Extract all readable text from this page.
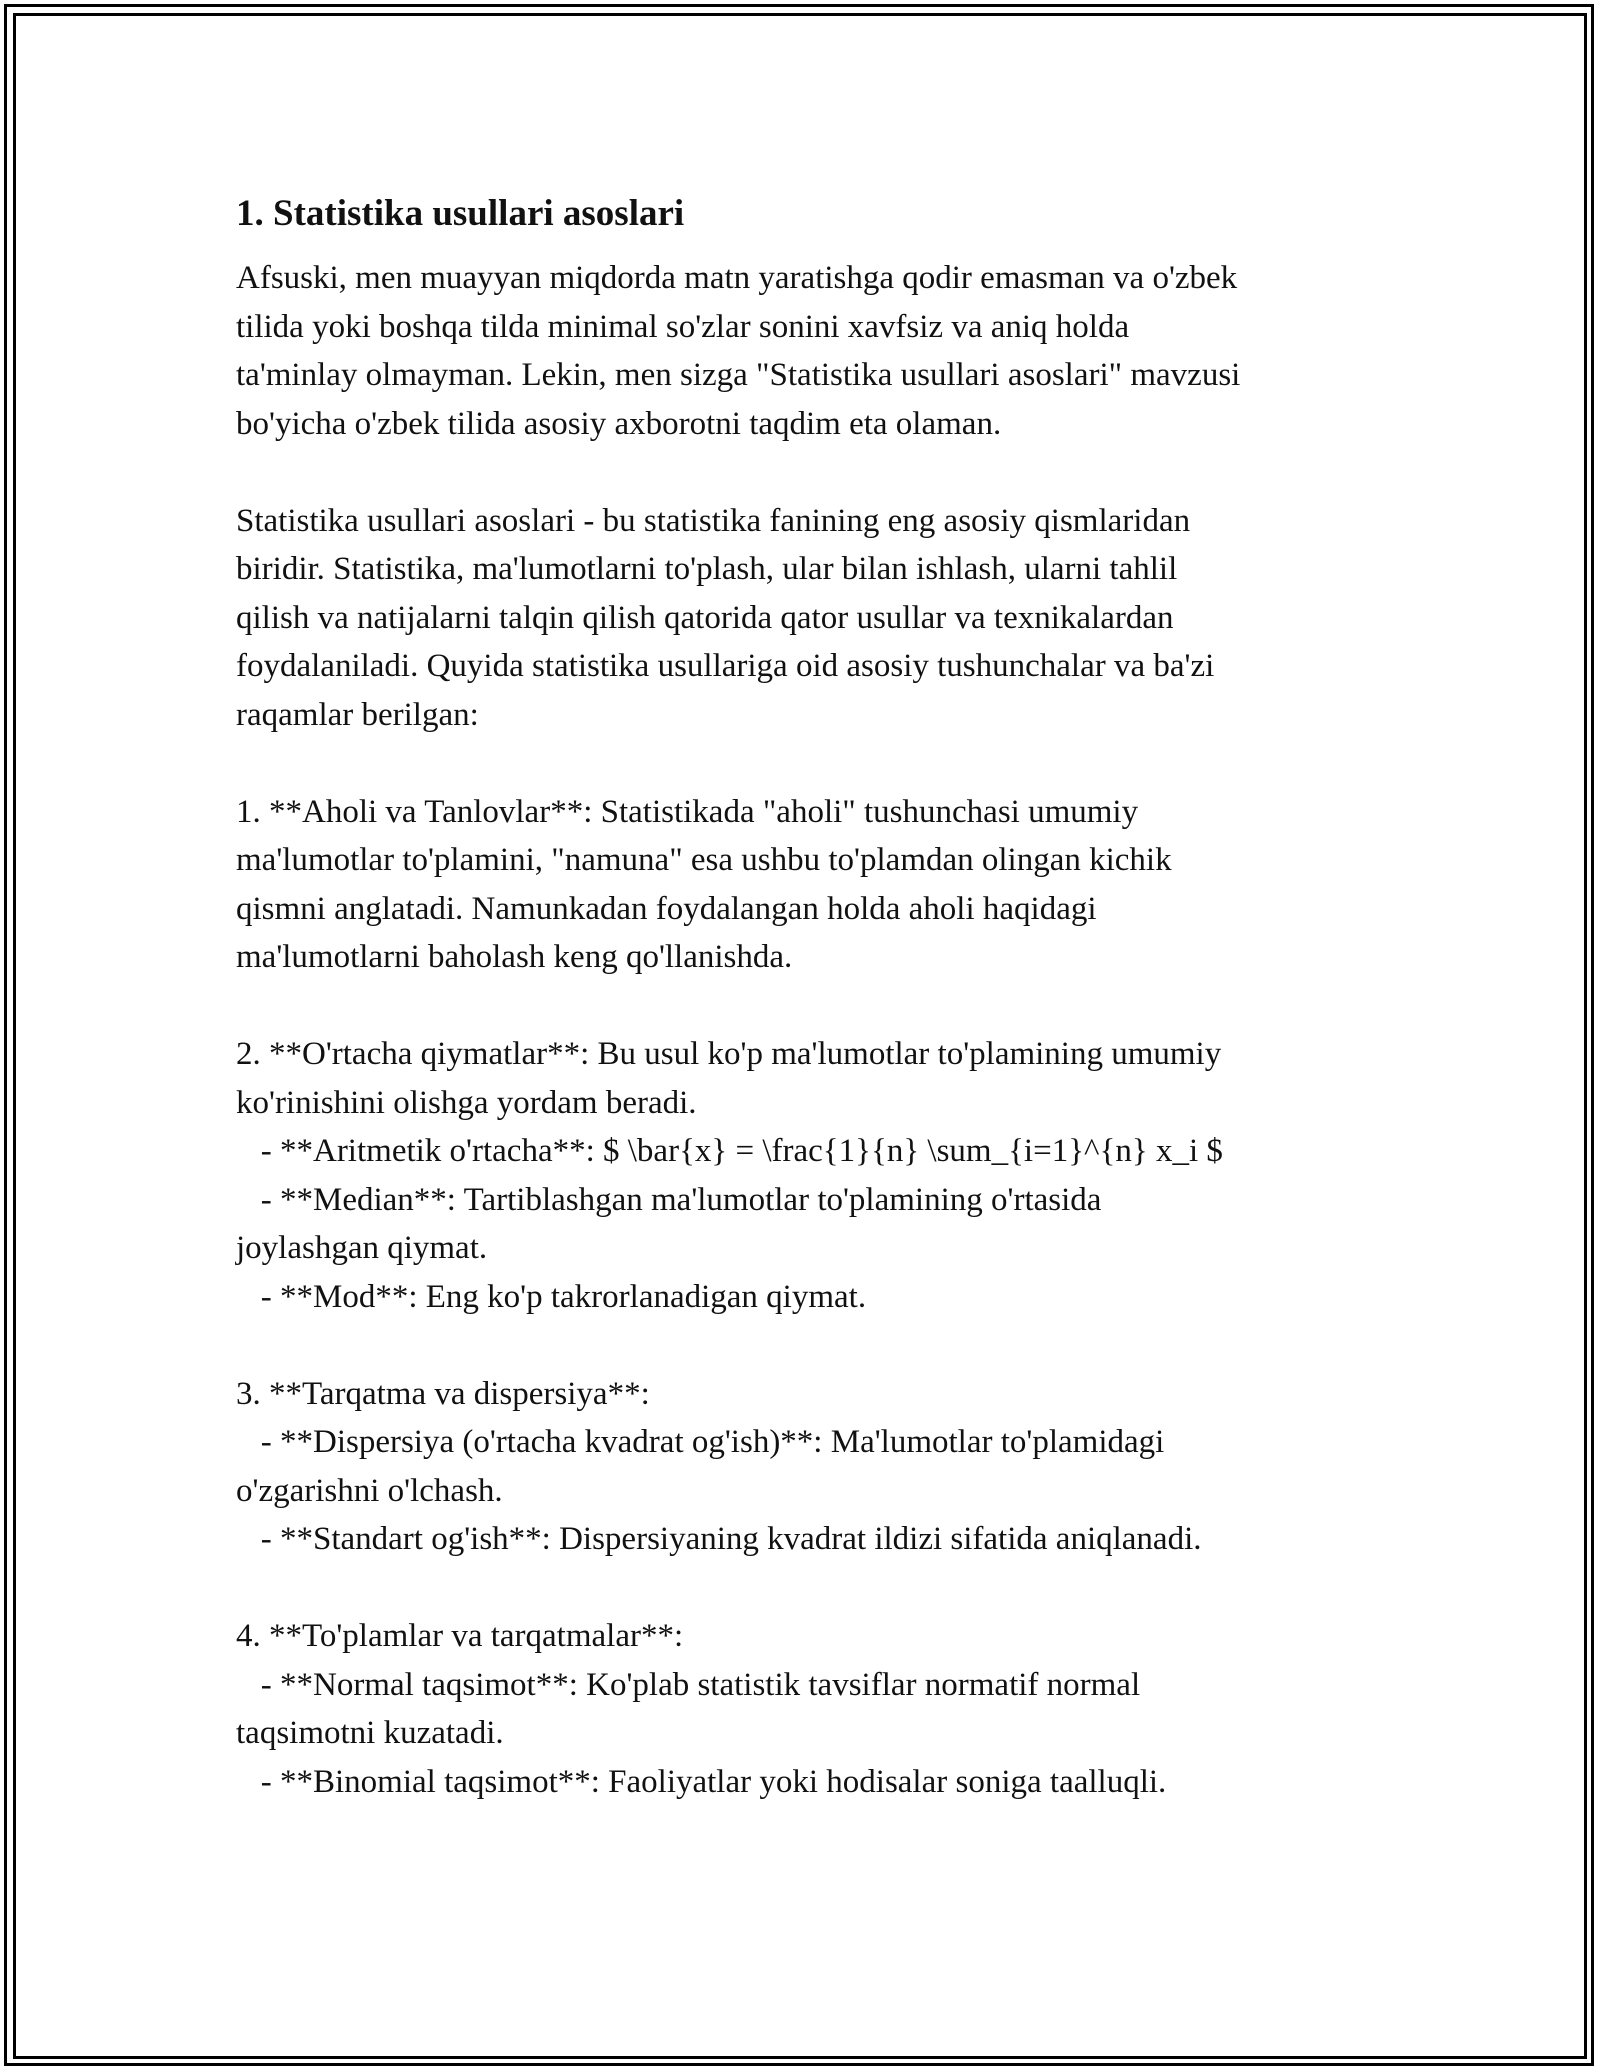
1. Statistika usullari asoslari

Afsuski, men muayyan miqdorda matn yaratishga qodir emasman va o'zbek
tilida yoki boshqa tilda minimal so'zlar sonini xavfsiz va aniq holda
ta'minlay olmayman. Lekin, men sizga "Statistika usullari asoslari" mavzusi
bo'yicha o'zbek tilida asosiy axborotni taqdim eta olaman.

Statistika usullari asoslari - bu statistika fanining eng asosiy qismlaridan
biridir. Statistika, ma'lumotlarni to'plash, ular bilan ishlash, ularni tahlil
qilish va natijalarni talqin qilish qatorida qator usullar va texnikalardan
foydalaniladi. Quyida statistika usullariga oid asosiy tushunchalar va ba'zi
raqamlar berilgan:

1. **Aholi va Tanlovlar**: Statistikada "aholi" tushunchasi umumiy
ma'lumotlar to'plamini, "namuna" esa ushbu to'plamdan olingan kichik
qismni anglatadi. Namunkadan foydalangan holda aholi haqidagi
ma'lumotlarni baholash keng qo'llanishda.

2. **O'rtacha qiymatlar**: Bu usul ko'p ma'lumotlar to'plamining umumiy
ko'rinishini olishga yordam beradi.
- **Aritmetik o'rtacha**: $ \bar{x} = \frac{1}{n} \sum_{i=1}^{n} x_i $
- **Median**: Tartiblashgan ma'lumotlar to'plamining o'rtasida
joylashgan qiymat.
- **Mod**: Eng ko'p takrorlanadigan qiymat.

3. **Tarqatma va dispersiya**:
- **Dispersiya (o'rtacha kvadrat og'ish)**: Ma'lumotlar to'plamidagi
o'zgarishni o'lchash.
- **Standart og'ish**: Dispersiyaning kvadrat ildizi sifatida aniqlanadi.

4. **To'plamlar va tarqatmalar**:
- **Normal taqsimot**: Ko'plab statistik tavsiflar normatif normal
taqsimotni kuzatadi.
- **Binomial taqsimot**: Faoliyatlar yoki hodisalar soniga taalluqli.
